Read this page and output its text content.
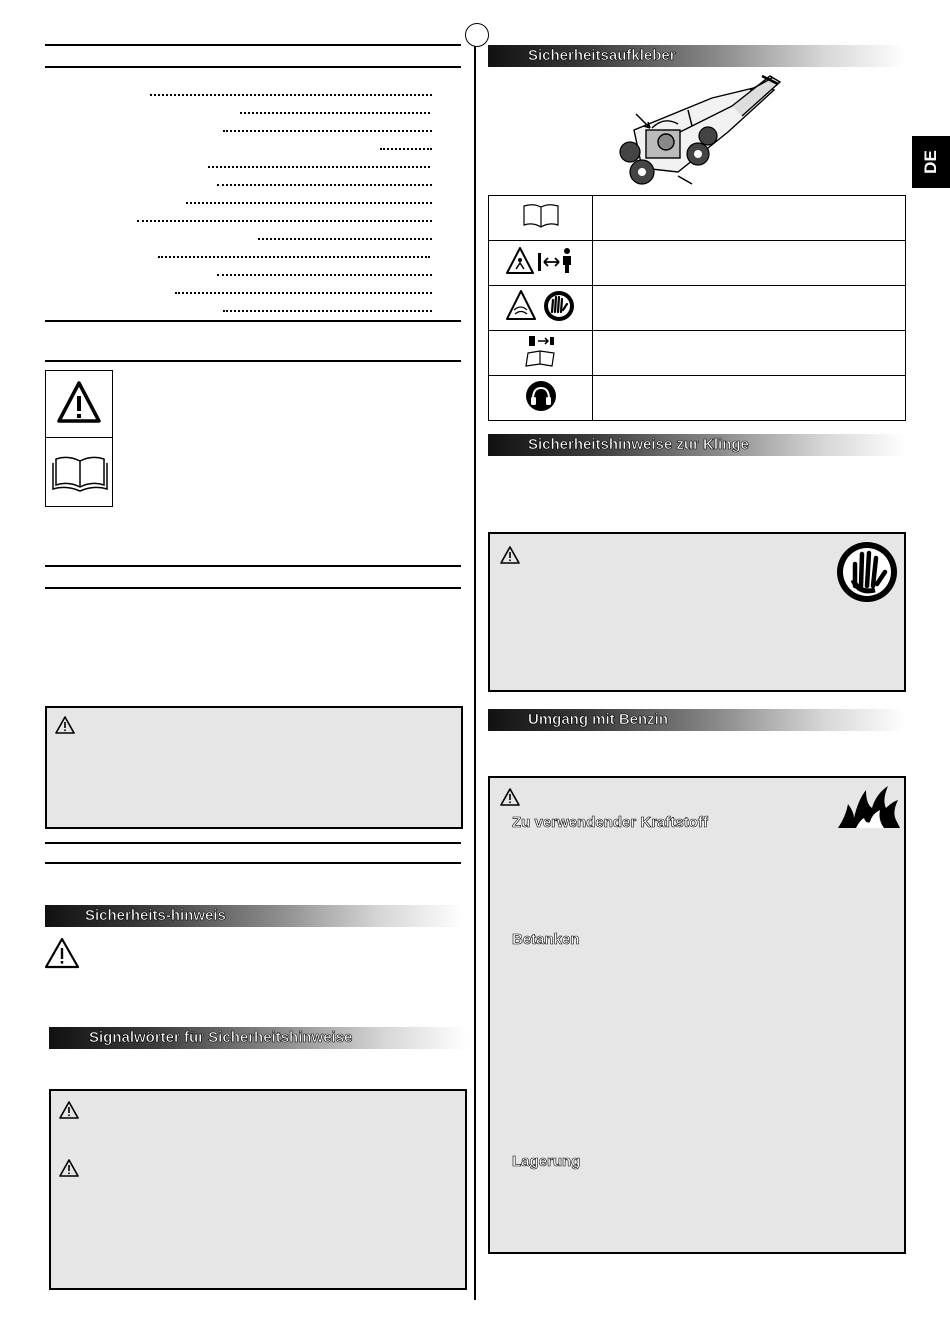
DE
Sicherheits-hinweis
Signalwörter für Sicherheitshinweise
Sicherheitsaufkleber

Sicherheitshinweise zur Klinge
Umgang mit Benzin
Zu verwendender Kraftstoff
Betanken
Lagerung
